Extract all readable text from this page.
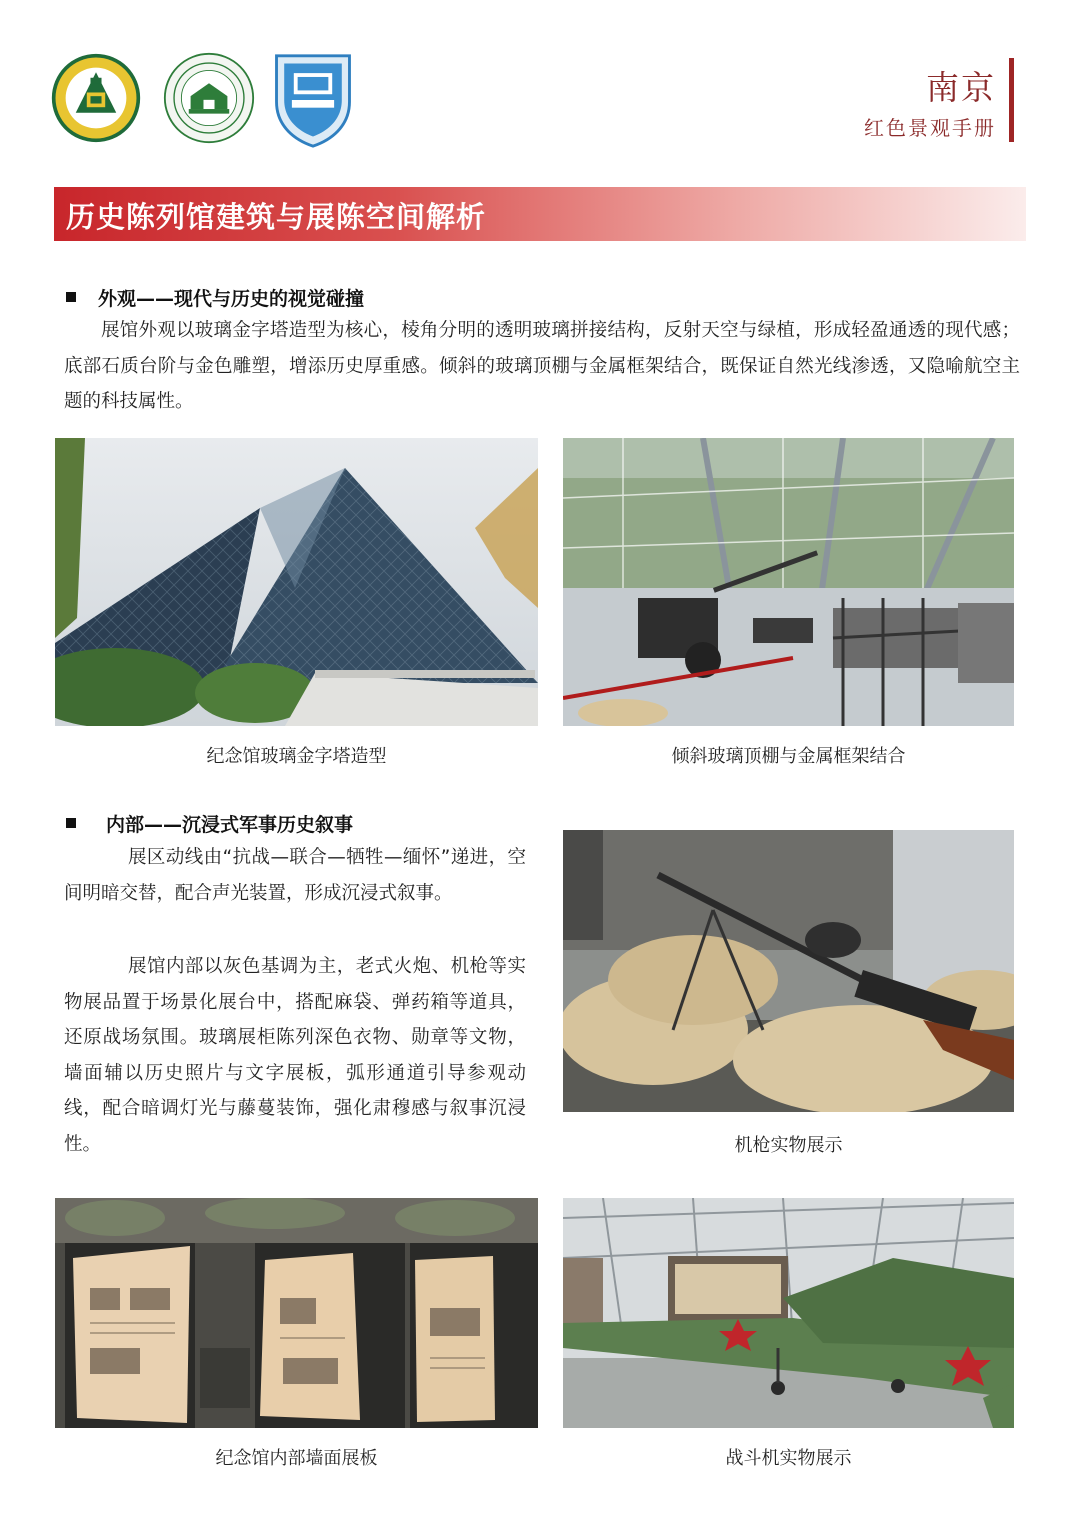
南京
红色景观手册
历史陈列馆建筑与展陈空间解析
外观——现代与历史的视觉碰撞
展馆外观以玻璃金字塔造型为核心，棱角分明的透明玻璃拼接结构，反射天空与绿植，形成轻盈通透的现代感；底部石质台阶与金色雕塑，增添历史厚重感。倾斜的玻璃顶棚与金属框架结合，既保证自然光线渗透，又隐喻航空主题的科技属性。
纪念馆玻璃金字塔造型	倾斜玻璃顶棚与金属框架结合
内部——沉浸式军事历史叙事
展区动线由“抗战—联合—牺牲—缅怀”递进，空间明暗交替，配合声光装置，形成沉浸式叙事。
展馆内部以灰色基调为主，老式火炮、机枪等实物展品置于场景化展台中，搭配麻袋、弹药箱等道具，还原战场氛围。玻璃展柜陈列深色衣物、勋章等文物，墙面辅以历史照片与文字展板，弧形通道引导参观动线，配合暗调灯光与藤蔓装饰，强化肃穆感与叙事沉浸性。	机枪实物展示
纪念馆内部墙面展板	战斗机实物展示
